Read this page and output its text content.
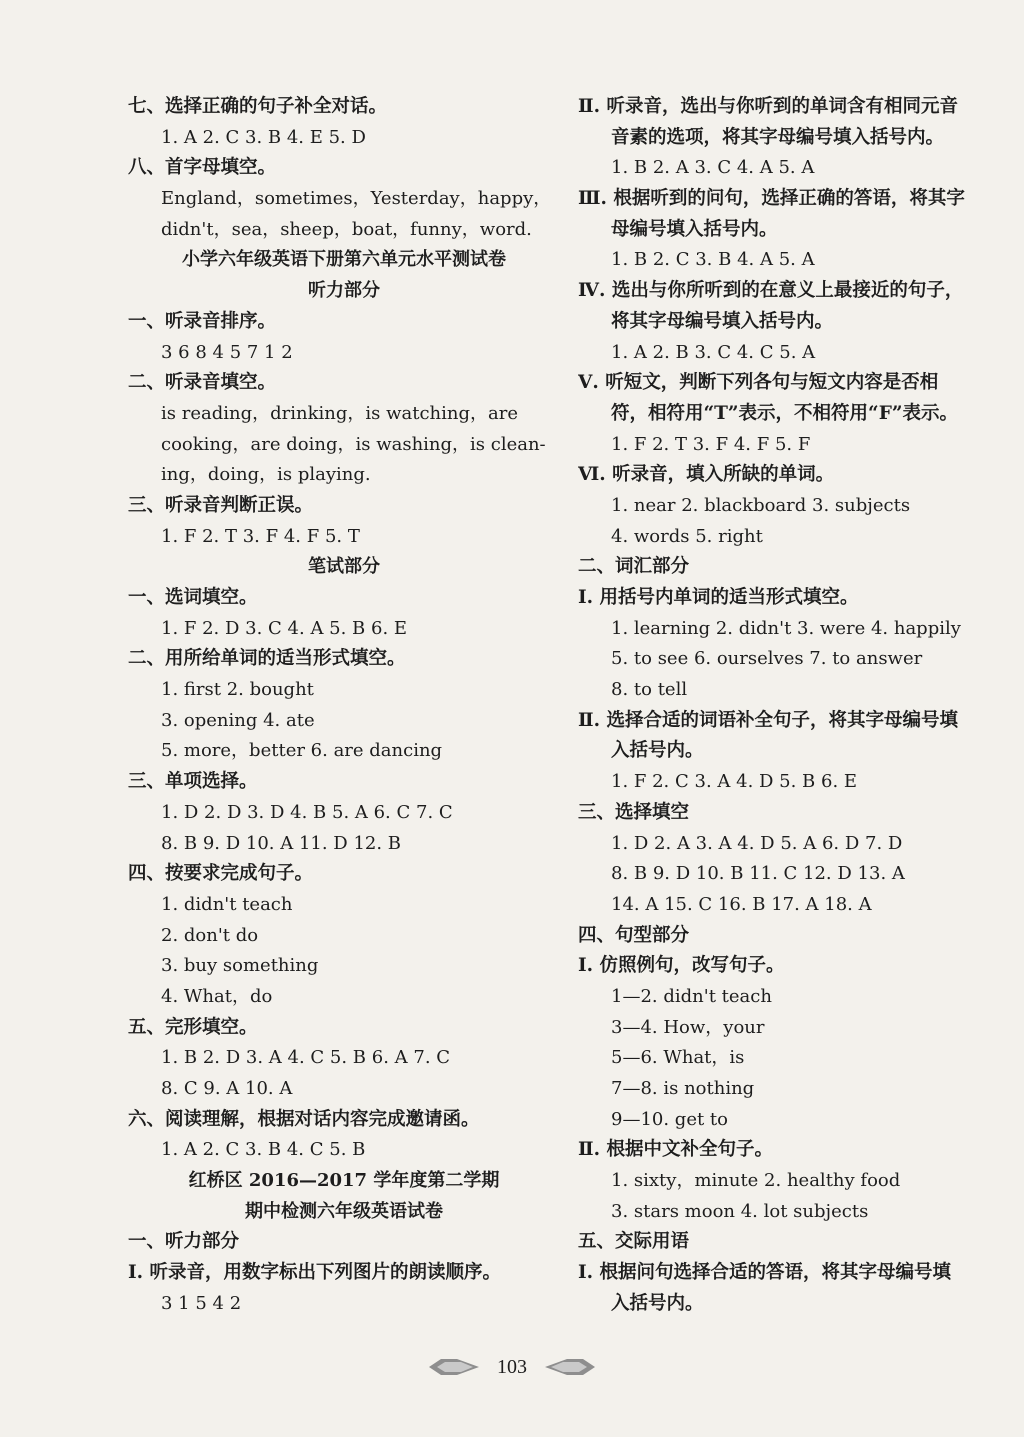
七、选择正确的句子补全对话。
1. A 2. C 3. B 4. E 5. D
八、首字母填空。
England，sometimes，Yesterday，happy，
didn't，sea，sheep，boat，funny，word.
小学六年级英语下册第六单元水平测试卷
听力部分
一、听录音排序。
3 6 8 4 5 7 1 2
二、听录音填空。
is reading，drinking，is watching，are
cooking，are doing，is washing，is clean-
ing，doing，is playing.
三、听录音判断正误。
1. F 2. T 3. F 4. F 5. T
笔试部分
一、选词填空。
1. F 2. D 3. C 4. A 5. B 6. E
二、用所给单词的适当形式填空。
1. first 2. bought
3. opening 4. ate
5. more，better 6. are dancing
三、单项选择。
1. D 2. D 3. D 4. B 5. A 6. C 7. C
8. B 9. D 10. A 11. D 12. B
四、按要求完成句子。
1. didn't teach
2. don't do
3. buy something
4. What，do
五、完形填空。
1. B 2. D 3. A 4. C 5. B 6. A 7. C
8. C 9. A 10. A
六、阅读理解，根据对话内容完成邀请函。
1. A 2. C 3. B 4. C 5. B
红桥区 2016—2017 学年度第二学期
期中检测六年级英语试卷
一、听力部分
Ⅰ. 听录音，用数字标出下列图片的朗读顺序。
3 1 5 4 2
Ⅱ. 听录音，选出与你听到的单词含有相同元音
音素的选项，将其字母编号填入括号内。
1. B 2. A 3. C 4. A 5. A
Ⅲ. 根据听到的问句，选择正确的答语，将其字
母编号填入括号内。
1. B 2. C 3. B 4. A 5. A
Ⅳ. 选出与你所听到的在意义上最接近的句子，
将其字母编号填入括号内。
1. A 2. B 3. C 4. C 5. A
Ⅴ. 听短文，判断下列各句与短文内容是否相
符，相符用“T”表示，不相符用“F”表示。
1. F 2. T 3. F 4. F 5. F
Ⅵ. 听录音，填入所缺的单词。
1. near 2. blackboard 3. subjects
4. words 5. right
二、词汇部分
Ⅰ. 用括号内单词的适当形式填空。
1. learning 2. didn't 3. were 4. happily
5. to see 6. ourselves 7. to answer
8. to tell
Ⅱ. 选择合适的词语补全句子，将其字母编号填
入括号内。
1. F 2. C 3. A 4. D 5. B 6. E
三、选择填空
1. D 2. A 3. A 4. D 5. A 6. D 7. D
8. B 9. D 10. B 11. C 12. D 13. A
14. A 15. C 16. B 17. A 18. A
四、句型部分
Ⅰ. 仿照例句，改写句子。
1—2. didn't teach
3—4. How，your
5—6. What，is
7—8. is nothing
9—10. get to
Ⅱ. 根据中文补全句子。
1. sixty，minute 2. healthy food
3. stars moon 4. lot subjects
五、交际用语
Ⅰ. 根据问句选择合适的答语，将其字母编号填
入括号内。
103
